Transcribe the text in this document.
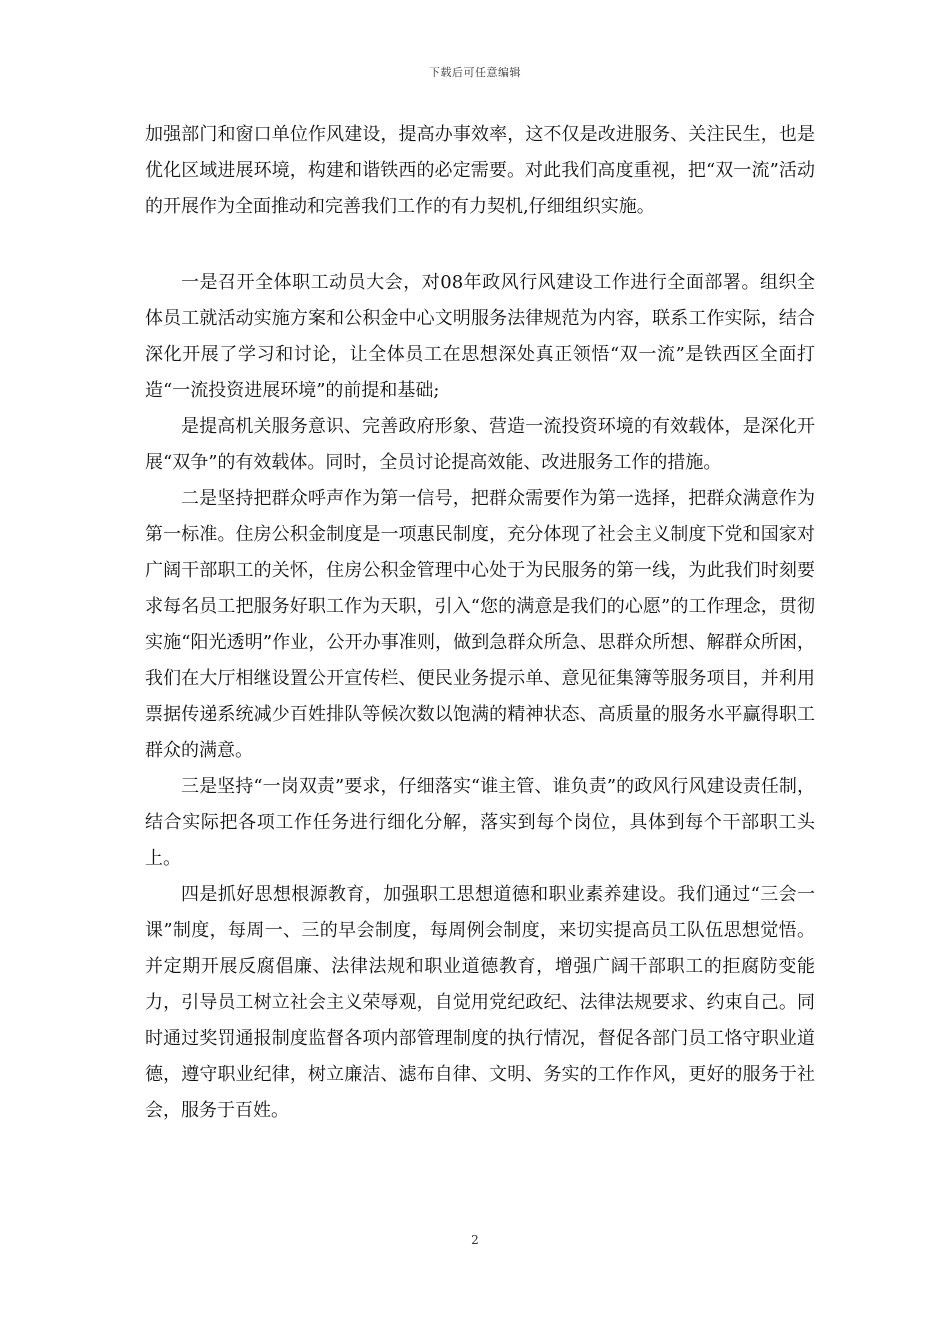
下载后可任意编辑

加强部门和窗口单位作风建设，提高办事效率，这不仅是改进服务、关注民生，也是优化区域进展环境，构建和谐铁西的必定需要。对此我们高度重视，把“双一流”活动的开展作为全面推动和完善我们工作的有力契机,仔细组织实施。

一是召开全体职工动员大会，对08年政风行风建设工作进行全面部署。组织全体员工就活动实施方案和公积金中心文明服务法律规范为内容，联系工作实际，结合深化开展了学习和讨论，让全体员工在思想深处真正领悟“双一流”是铁西区全面打造“一流投资进展环境”的前提和基础;

是提高机关服务意识、完善政府形象、营造一流投资环境的有效载体，是深化开展“双争”的有效载体。同时，全员讨论提高效能、改进服务工作的措施。

二是坚持把群众呼声作为第一信号，把群众需要作为第一选择，把群众满意作为第一标准。住房公积金制度是一项惠民制度，充分体现了社会主义制度下党和国家对广阔干部职工的关怀，住房公积金管理中心处于为民服务的第一线，为此我们时刻要求每名员工把服务好职工作为天职，引入“您的满意是我们的心愿”的工作理念，贯彻实施“阳光透明”作业，公开办事准则，做到急群众所急、思群众所想、解群众所困，我们在大厅相继设置公开宣传栏、便民业务提示单、意见征集簿等服务项目，并利用票据传递系统减少百姓排队等候次数以饱满的精神状态、高质量的服务水平赢得职工群众的满意。

三是坚持“一岗双责”要求，仔细落实“谁主管、谁负责”的政风行风建设责任制，结合实际把各项工作任务进行细化分解，落实到每个岗位，具体到每个干部职工头上。

四是抓好思想根源教育，加强职工思想道德和职业素养建设。我们通过“三会一课”制度，每周一、三的早会制度，每周例会制度，来切实提高员工队伍思想觉悟。并定期开展反腐倡廉、法律法规和职业道德教育，增强广阔干部职工的拒腐防变能力，引导员工树立社会主义荣辱观，自觉用党纪政纪、法律法规要求、约束自己。同时通过奖罚通报制度监督各项内部管理制度的执行情况，督促各部门员工恪守职业道德，遵守职业纪律，树立廉洁、滤布自律、文明、务实的工作作风，更好的服务于社会，服务于百姓。

2
